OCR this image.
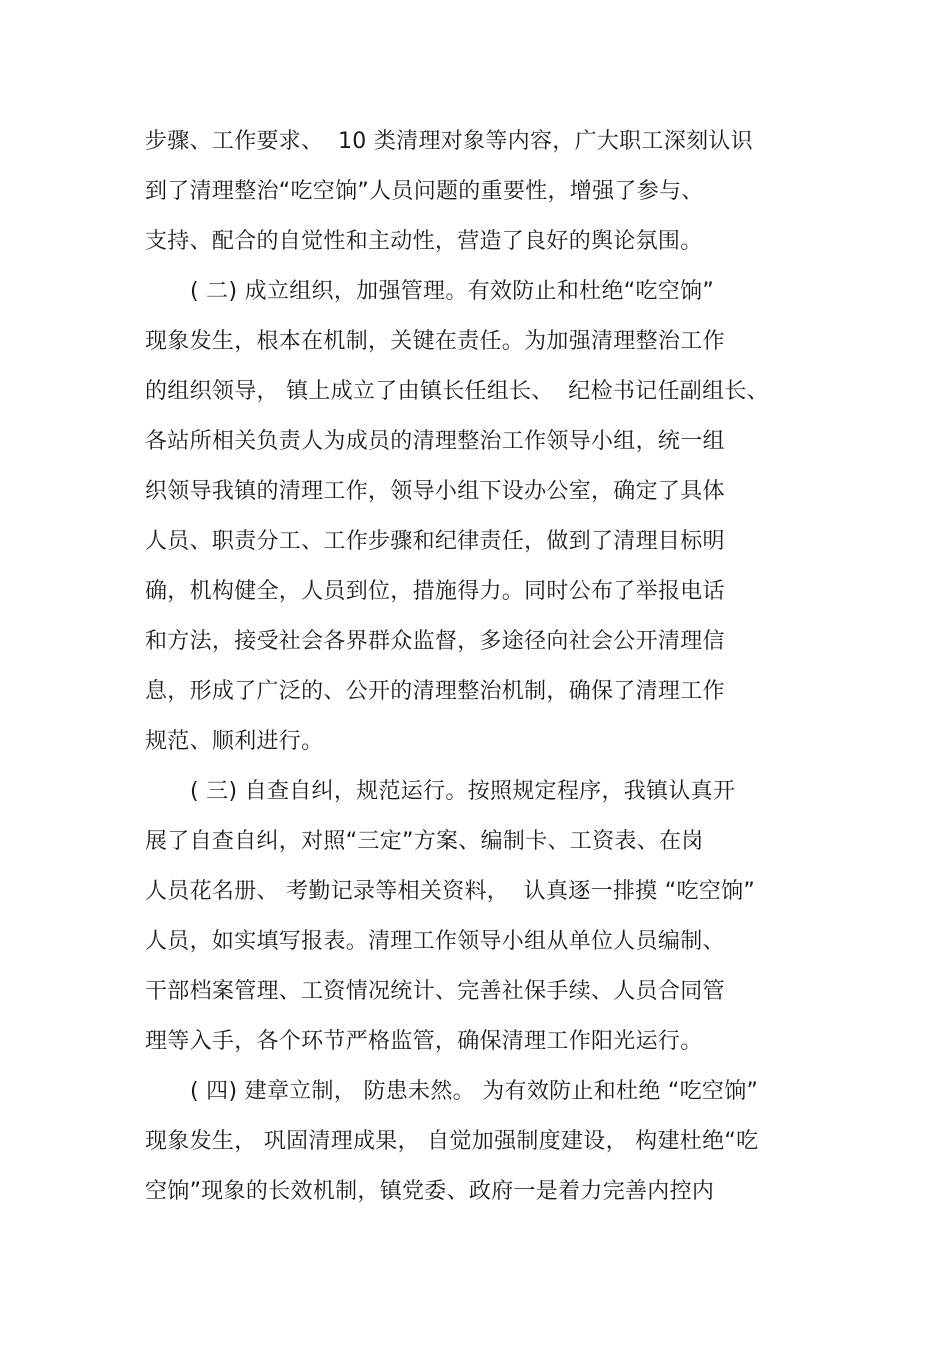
步骤、工作要求、  10 类清理对象等内容，广大职工深刻认识
到了清理整治“吃空饷”人员问题的重要性，增强了参与、
支持、配合的自觉性和主动性，营造了良好的舆论氛围。
( 二) 成立组织，加强管理。有效防止和杜绝“吃空饷”
现象发生，根本在机制，关键在责任。为加强清理整治工作
的组织领导， 镇上成立了由镇长任组长、  纪检书记任副组长、
各站所相关负责人为成员的清理整治工作领导小组，统一组
织领导我镇的清理工作，领导小组下设办公室，确定了具体
人员、职责分工、工作步骤和纪律责任，做到了清理目标明
确，机构健全，人员到位，措施得力。同时公布了举报电话
和方法，接受社会各界群众监督，多途径向社会公开清理信
息，形成了广泛的、公开的清理整治机制，确保了清理工作
规范、顺利进行。
( 三) 自查自纠，规范运行。按照规定程序，我镇认真开
展了自查自纠，对照“三定”方案、编制卡、工资表、在岗
人员花名册、 考勤记录等相关资料，  认真逐一排摸 “吃空饷”
人员，如实填写报表。清理工作领导小组从单位人员编制、
干部档案管理、工资情况统计、完善社保手续、人员合同管
理等入手，各个环节严格监管，确保清理工作阳光运行。
( 四) 建章立制， 防患未然。 为有效防止和杜绝 “吃空饷”
现象发生， 巩固清理成果， 自觉加强制度建设， 构建杜绝“吃
空饷”现象的长效机制，镇党委、政府一是着力完善内控内
